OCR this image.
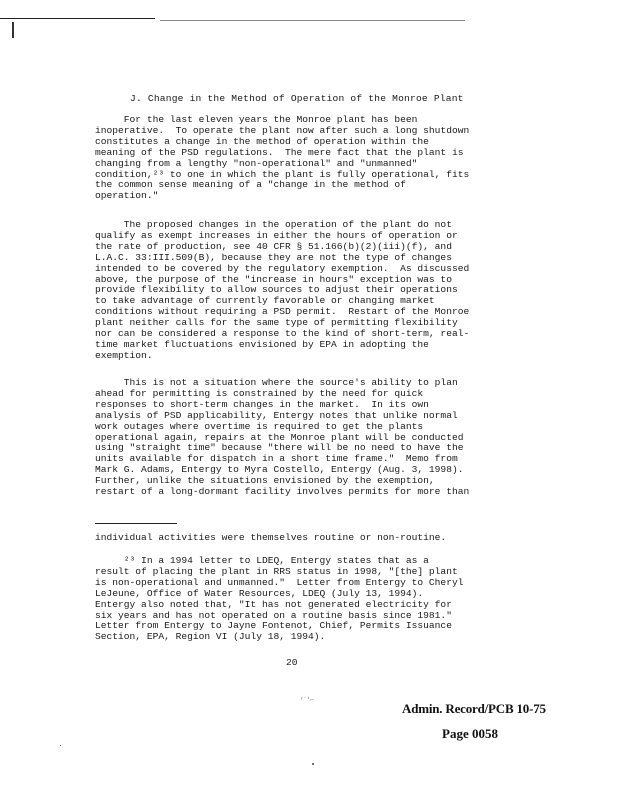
J. Change in the Method of Operation of the Monroe Plant
For the last eleven years the Monroe plant has been
inoperative.  To operate the plant now after such a long shutdown
constitutes a change in the method of operation within the
meaning of the PSD regulations.  The mere fact that the plant is
changing from a lengthy "non-operational" and "unmanned"
condition,²³ to one in which the plant is fully operational, fits
the common sense meaning of a "change in the method of
operation."
The proposed changes in the operation of the plant do not
qualify as exempt increases in either the hours of operation or
the rate of production, see 40 CFR § 51.166(b)(2)(iii)(f), and
L.A.C. 33:III.509(B), because they are not the type of changes
intended to be covered by the regulatory exemption.  As discussed
above, the purpose of the "increase in hours" exception was to
provide flexibility to allow sources to adjust their operations
to take advantage of currently favorable or changing market
conditions without requiring a PSD permit.  Restart of the Monroe
plant neither calls for the same type of permitting flexibility
nor can be considered a response to the kind of short-term, real-
time market fluctuations envisioned by EPA in adopting the
exemption.
This is not a situation where the source's ability to plan
ahead for permitting is constrained by the need for quick
responses to short-term changes in the market.  In its own
analysis of PSD applicability, Entergy notes that unlike normal
work outages where overtime is required to get the plants
operational again, repairs at the Monroe plant will be conducted
using "straight time" because "there will be no need to have the
units available for dispatch in a short time frame."  Memo from
Mark G. Adams, Entergy to Myra Costello, Entergy (Aug. 3, 1998).
Further, unlike the situations envisioned by the exemption,
restart of a long-dormant facility involves permits for more than
individual activities were themselves routine or non-routine.
²³ In a 1994 letter to LDEQ, Entergy states that as a
result of placing the plant in RRS status in 1998, "[the] plant
is non-operational and unmanned."  Letter from Entergy to Cheryl
LeJeune, Office of Water Resources, LDEQ (July 13, 1994).
Entergy also noted that, "It has not generated electricity for
six years and has not operated on a routine basis since 1981."
Letter from Entergy to Jayne Fontenot, Chief, Permits Issuance
Section, EPA, Region VI (July 18, 1994).
20
’´‘—	Admin. Record/PCB 10-75
Page 0058
